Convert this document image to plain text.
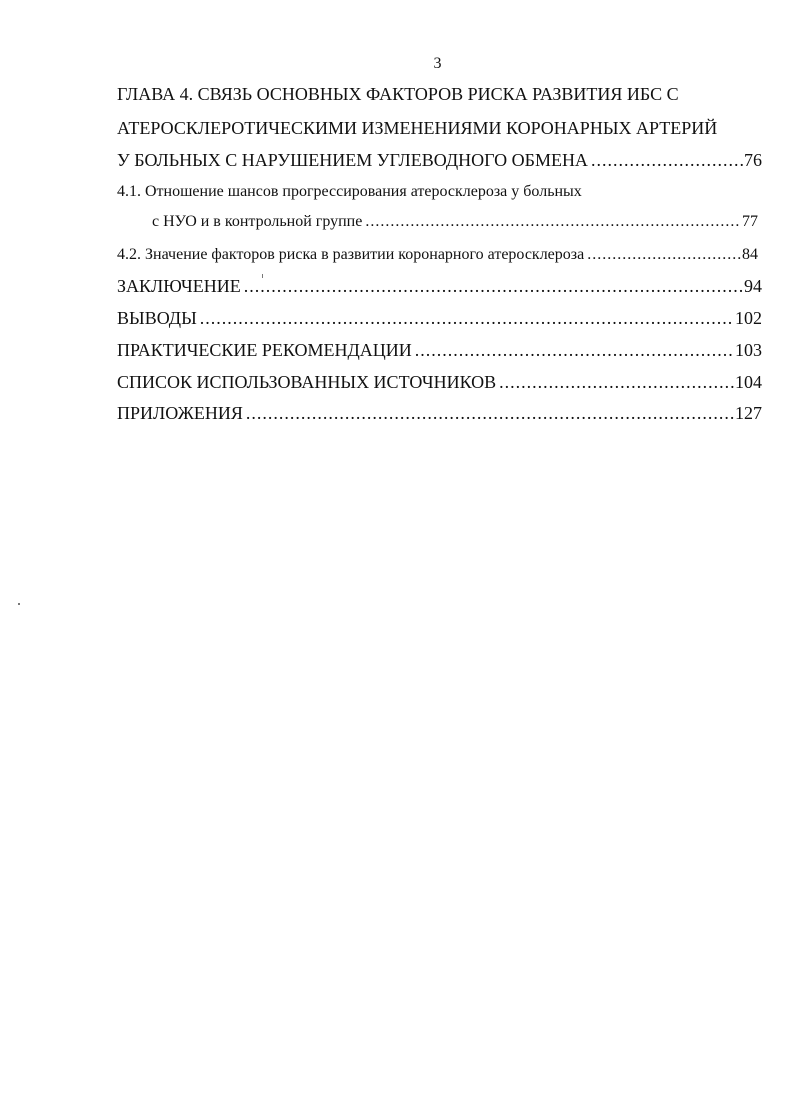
3
ГЛАВА 4. СВЯЗЬ ОСНОВНЫХ ФАКТОРОВ РИСКА РАЗВИТИЯ ИБС С
АТЕРОСКЛЕРОТИЧЕСКИМИ ИЗМЕНЕНИЯМИ КОРОНАРНЫХ АРТЕРИЙ
У БОЛЬНЫХ С НАРУШЕНИЕМ УГЛЕВОДНОГО ОБМЕНА .....	76
4.1. Отношение шансов прогрессирования атеросклероза у больных
с НУО и в контрольной группе .....	77
4.2. Значение факторов риска в развитии коронарного атеросклероза .....	84
ЗАКЛЮЧЕНИЕ .....	94
ВЫВОДЫ .....	102
ПРАКТИЧЕСКИЕ РЕКОМЕНДАЦИИ .....	103
СПИСОК ИСПОЛЬЗОВАННЫХ ИСТОЧНИКОВ .....	104
ПРИЛОЖЕНИЯ .....	127
